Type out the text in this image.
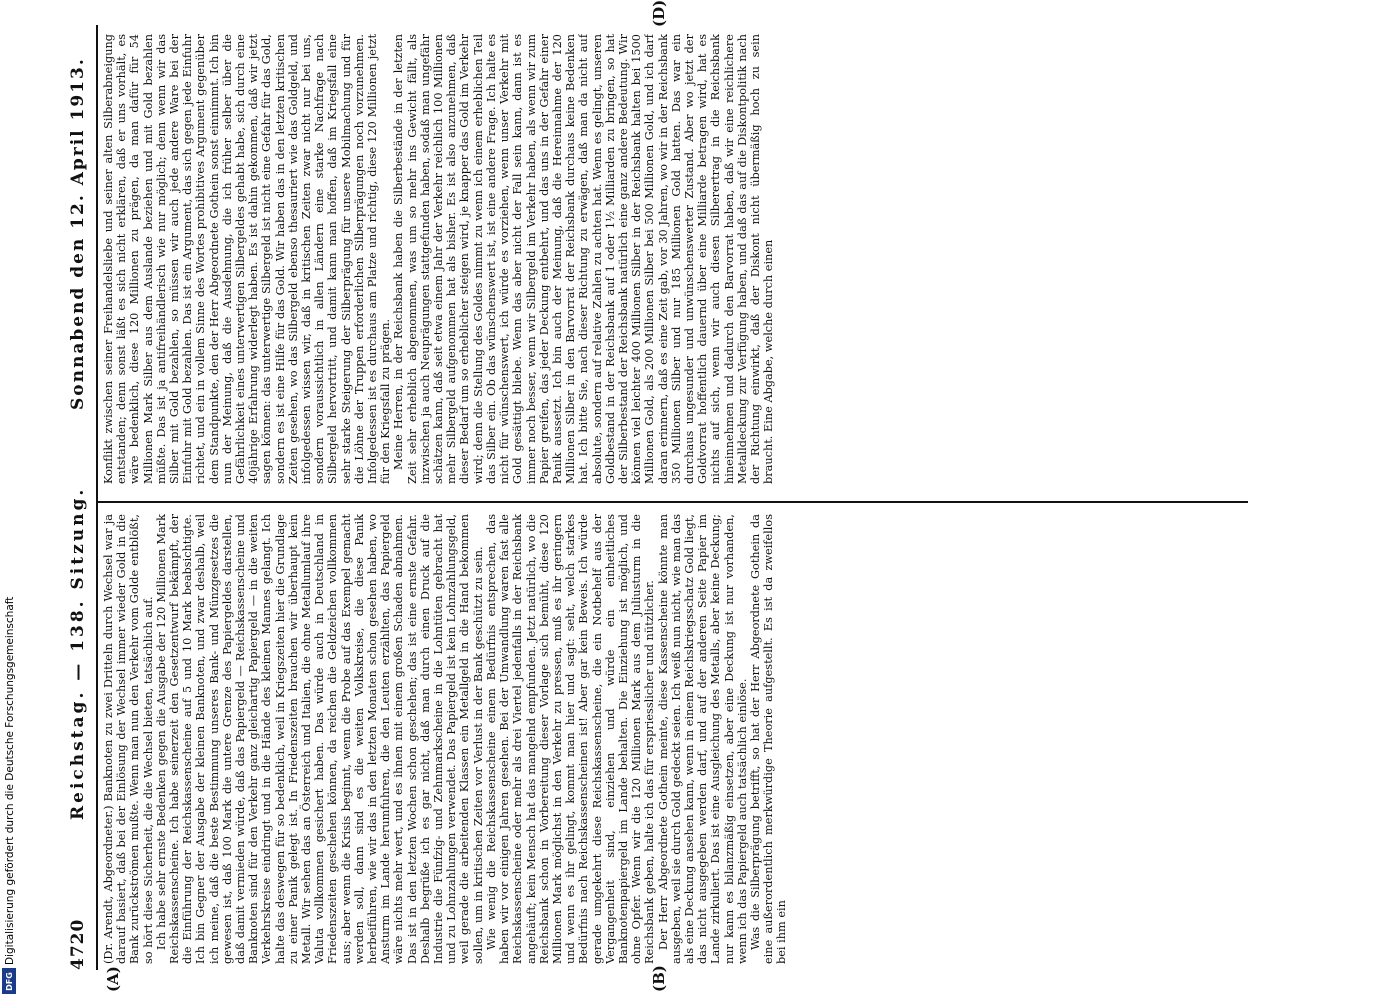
4720
Reichstag. — 138. Sitzung.
Sonnabend den 12. April 1913.
(A)	(B)
(D)

(Dr. Arendt, Abgeordneter.) Banknoten zu zwei Dritteln durch Wechsel war ja darauf basiert, daß bei der Einlösung der Wechsel immer wieder Gold in die Bank zurückströmen mußte. Wenn man nun den Verkehr vom Golde entblößt, so hört diese Sicherheit, die die Wechsel bieten, tatsächlich auf. Ich habe sehr ernste Bedenken gegen die Ausgabe der 120 Millionen Mark Reichskassenscheine. Ich habe seinerzeit den Gesetzentwurf bekämpft, der die Einführung der Reichskassenscheine auf 5 und 10 Mark beabsichtigte. Ich bin Gegner der Ausgabe der kleinen Banknoten, und zwar deshalb, weil ich meine, daß die beste Bestimmung unseres Bank- und Münzgesetzes die gewesen ist, daß 100 Mark die untere Grenze des Papiergeldes darstellen, daß damit vermieden würde, daß das Papiergeld — Reichskassenscheine und Banknoten sind für den Verkehr ganz gleichartig Papiergeld — in die weiten Verkehrskreise eindringt und in die Hände des kleinen Mannes gelangt. Ich halte das deswegen für so bedenklich, weil in Kriegszeiten hier die Grundlage zu einer Panik gelegt ist. In Friedenszeiten brauchen wir überhaupt kein Metall. Wir sehen das an Österreich und Italien, die ohne Metallumlauf ihre Valuta vollkommen gesichert haben. Das würde auch in Deutschland in Friedenszeiten geschehen können, da reichen die Geldzeichen vollkommen aus; aber wenn die Krisis beginnt, wenn die Probe auf das Exempel gemacht werden soll, dann sind es die weiten Volkskreise, die diese Panik herbeiführen, wie wir das in den letzten Monaten schon gesehen haben, wo Ansturm im Lande herumfuhren, die den Leuten erzählten, das Papiergeld wäre nichts mehr wert, und es ihnen mit einem großen Schaden abnahmen. Das ist in den letzten Wochen schon geschehen; das ist eine ernste Gefahr. Deshalb begrüße ich es gar nicht, daß man durch einen Druck auf die Industrie die Fünfzig- und Zehnmarkscheine in die Lohntüten gebracht hat und zu Lohnzahlungen verwendet. Das Papiergeld ist kein Lohnzahlungsgeld, weil gerade die arbeitenden Klassen ein Metallgeld in die Hand bekommen sollen, um in kritischen Zeiten vor Verlust in der Bank geschützt zu sein. Wie wenig die Reichskassenscheine einem Bedürfnis entsprechen, das haben wir vor einigen Jahren gesehen. Bei der Umwandlung waren fast alle Reichskassenscheine oder mehr als drei Viertel jedenfalls in der Reichsbank angehäuft; kein Mensch hat das mangelnd empfunden. Jetzt natürlich, wo die Reichsbank schon in Vorbereitung dieser Vorlage sich bemüht, diese 120 Millionen Mark möglichst in den Verkehr zu pressen, muß es ihr geringern und wenn es ihr gelingt, kommt man hier und sagt: seht, welch starkes Bedürfnis nach Reichskassenscheinen ist! Aber gar kein Beweis. Ich würde gerade umgekehrt diese Reichskassenscheine, die ein Notbehelf aus der Vergangenheit sind, einziehen und würde ein einheitliches Banknotenpapiergeld im Lande behalten. Die Einziehung ist möglich, und ohne Opfer. Wenn wir die 120 Millionen Mark aus dem Juliusturm in die Reichsbank geben, halte ich das für erspriesslicher und nützlicher. Der Herr Abgeordnete Gothein meinte, diese Kassenscheine könnte man ausgeben, weil sie durch Gold gedeckt seien. Ich weiß nun nicht, wie man das als eine Deckung ansehen kann, wenn in einem Reichskriegsschatz Gold liegt, das nicht ausgegeben werden darf, und auf der anderen Seite Papier im Lande zirkuliert. Das ist eine Ausgleichung des Metalls, aber keine Deckung; nur kann es bilanzmäßig einsetzen, aber eine Deckung ist nur vorhanden, wenn ich das Papiergeld auch tatsächlich einlöse. Was die Silberprägung betrifft, so hat der Herr Abgeordnete Gothein da eine außerordentlich merkwürdige Theorie aufgestellt. Es ist da zweifellos bei ihm ein

Konflikt zwischen seiner Freihandelsliebe und seiner alten Silberabneigung entstanden; denn sonst läßt es sich nicht erklären, daß er uns vorhält, es wäre bedenklich, diese 120 Millionen zu prägen, da man dafür für 54 Millionen Mark Silber aus dem Auslande beziehen und mit Gold bezahlen müßte. Das ist ja antifreihändlerisch wie nur möglich; denn wenn wir das Silber mit Gold bezahlen, so müssen wir auch jede andere Ware bei der Einfuhr mit Gold bezahlen. Das ist ein Argument, das sich gegen jede Einfuhr richtet, und ein in vollem Sinne des Wortes prohibitives Argument gegenüber dem Standpunkte, den der Herr Abgeordnete Gothein sonst einnimmt. Ich bin nun der Meinung, daß die Ausdehnung, die ich früher selber über die Gefährlichkeit eines unterwertigen Silbergeldes gehabt habe, sich durch eine 40jährige Erfahrung widerlegt haben. Es ist dahin gekommen, daß wir jetzt sagen können: das unterwertige Silbergeld ist nicht eine Gefahr für das Gold, sondern es ist eine Hilfe für das Gold. Wir haben das in den letzten kritischen Zeiten gesehen, wo das Silbergeld ebenso thesauriert wie das Goldgeld, und infolgedessen wissen wir, daß in kritischen Zeiten zwar nicht nur bei uns, sondern voraussichtlich in allen Ländern eine starke Nachfrage nach Silbergeld hervortritt, und damit kann man hoffen, daß im Kriegsfall eine sehr starke Steigerung der Silberprägung für unsere Mobilmachung und für die Löhne der Truppen erforderlichen Silberprägungen noch vorzunehmen. Infolgedessen ist es durchaus am Platze und richtig, diese 120 Millionen jetzt für den Kriegsfall zu prägen. Meine Herren, in der Reichsbank haben die Silberbestände in der letzten Zeit sehr erheblich abgenommen, was um so mehr ins Gewicht fällt, als inzwischen ja auch Neuprägungen stattgefunden haben, sodaß man ungefähr schätzen kann, daß seit etwa einem Jahr der Verkehr reichlich 100 Millionen mehr Silbergeld aufgenommen hat als bisher. Es ist also anzunehmen, daß dieser Bedarf um so erheblicher steigen wird, je knapper das Gold im Verkehr wird; denn die Stellung des Goldes nimmt zu wenn ich einem erheblichen Teil das Silber ein. Ob das wünschenswert ist, ist eine andere Frage. Ich halte es nicht für wünschenswert, ich würde es vorziehen, wenn unser Verkehr mit Gold gesättigt bliebe. Wenn das aber nicht der Fall sein kann, dann ist es immer noch besser, wenn wir Silbergeld im Verkehr haben, als wenn wir zum Papier greifen, das jeder Deckung entbehrt, und das uns in der Gefahr einer Panik aussetzt. Ich bin auch der Meinung, daß die Hereinnahme der 120 Millionen Silber in den Barvorrat der Reichsbank durchaus keine Bedenken hat. Ich bitte Sie, nach dieser Richtung zu erwägen, daß man da nicht auf absolute, sondern auf relative Zahlen zu achten hat. Wenn es gelingt, unseren Goldbestand in der Reichsbank auf 1 oder 1½ Milliarden zu bringen, so hat der Silberbestand der Reichsbank natürlich eine ganz andere Bedeutung. Wir können viel leichter 400 Millionen Silber in der Reichsbank halten bei 1500 Millionen Gold, als 200 Millionen Silber bei 500 Millionen Gold, und ich darf daran erinnern, daß es eine Zeit gab, vor 30 Jahren, wo wir in der Reichsbank 350 Millionen Silber und nur 185 Millionen Gold hatten. Das war ein durchaus ungesunder und unwünschenswerter Zustand. Aber wo jetzt der Goldvorrat hoffentlich dauernd über eine Milliarde betragen wird, hat es nichts auf sich, wenn wir auch diesen Silberertrag in die Reichsbank hineinnehmen und dadurch den Barvorrat haben, daß wir eine reichlichere Metalldeckung zur Verfügung haben, und daß das auf die Diskontpolitik nach der Richtung einwirkt, daß der Diskont nicht übermäßig hoch zu sein braucht. Eine Abgabe, welche durch einen

Digitalisierung gefördert durch die Deutsche Forschungsgemeinschaft
DFG
